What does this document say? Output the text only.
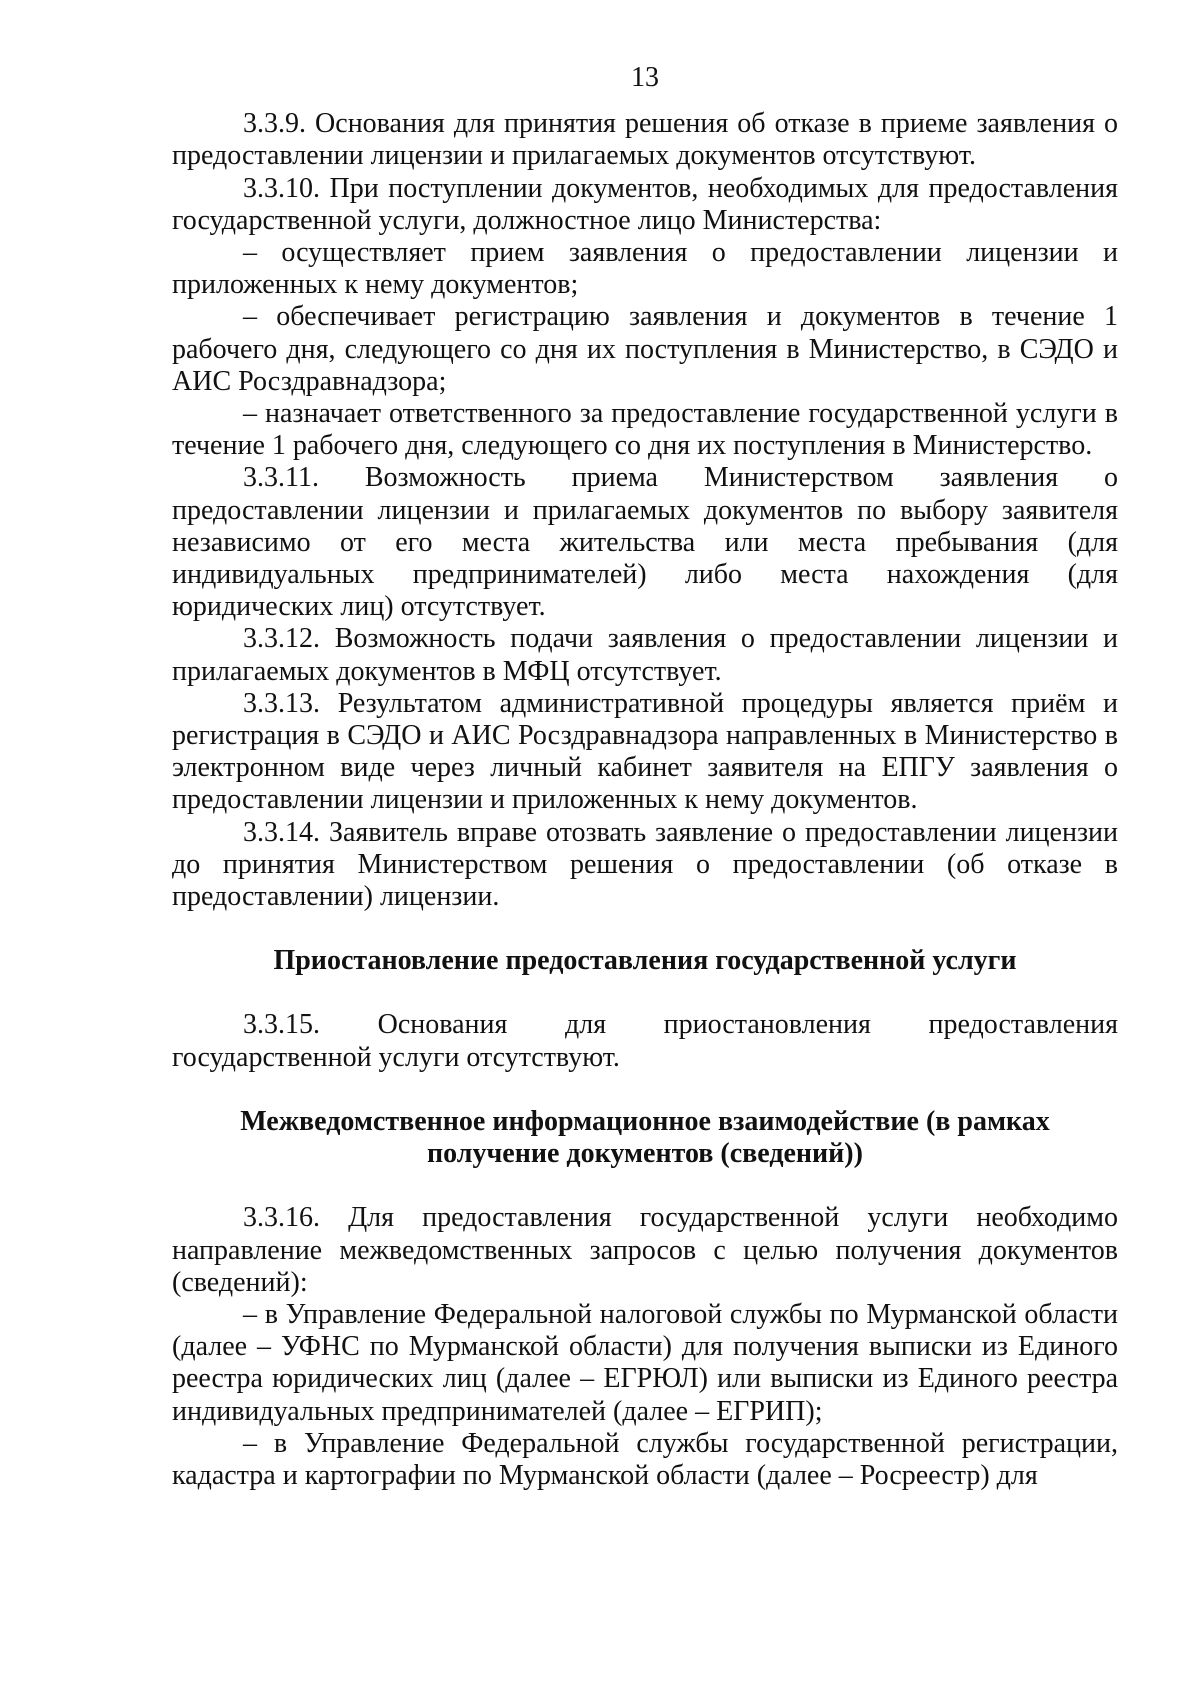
13

3.3.9. Основания для принятия решения об отказе в приеме заявления о предоставлении лицензии и прилагаемых документов отсутствуют.

3.3.10. При поступлении документов, необходимых для предоставления государственной услуги, должностное лицо Министерства:

– осуществляет прием заявления о предоставлении лицензии и приложенных к нему документов;

– обеспечивает регистрацию заявления и документов в течение 1 рабочего дня, следующего со дня их поступления в Министерство, в СЭДО и АИС Росздравнадзора;

– назначает ответственного за предоставление государственной услуги в течение 1 рабочего дня, следующего со дня их поступления в Министерство.

3.3.11. Возможность приема Министерством заявления о предоставлении лицензии и прилагаемых документов по выбору заявителя независимо от его места жительства или места пребывания (для индивидуальных предпринимателей) либо места нахождения (для юридических лиц) отсутствует.

3.3.12. Возможность подачи заявления о предоставлении лицензии и прилагаемых документов в МФЦ отсутствует.

3.3.13. Результатом административной процедуры является приём и регистрация в СЭДО и АИС Росздравнадзора направленных в Министерство в электронном виде через личный кабинет заявителя на ЕПГУ заявления о предоставлении лицензии и приложенных к нему документов.

3.3.14. Заявитель вправе отозвать заявление о предоставлении лицензии до принятия Министерством решения о предоставлении (об отказе в предоставлении) лицензии.

Приостановление предоставления государственной услуги

3.3.15. Основания для приостановления предоставления государственной услуги отсутствуют.

Межведомственное информационное взаимодействие (в рамках получение документов (сведений))

3.3.16. Для предоставления государственной услуги необходимо направление межведомственных запросов с целью получения документов (сведений):

– в Управление Федеральной налоговой службы по Мурманской области (далее – УФНС по Мурманской области) для получения выписки из Единого реестра юридических лиц (далее – ЕГРЮЛ) или выписки из Единого реестра индивидуальных предпринимателей (далее – ЕГРИП);

– в Управление Федеральной службы государственной регистрации, кадастра и картографии по Мурманской области (далее – Росреестр) для
